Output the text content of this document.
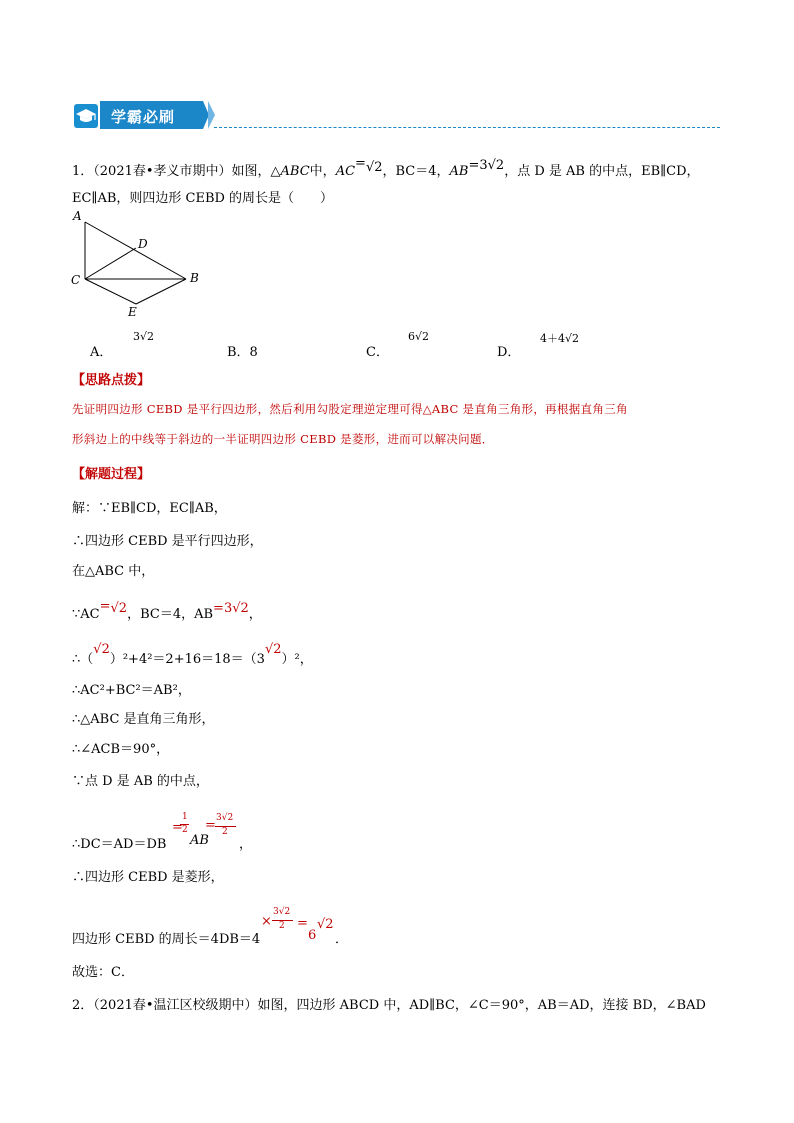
学霸必刷
1．（2021春•孝义市期中）如图，△ABC中，AC=√2，BC＝4，AB=3√2，点 D 是 AB 的中点，EB∥CD，
EC∥AB，则四边形 CEBD 的周长是（　　）
A
D
C	B
E
A．
3√2
B．8	C．
6√2
D．
4＋4√2
【思路点拨】
先证明四边形 CEBD 是平行四边形，然后利用勾股定理逆定理可得△ABC 是直角三角形，再根据直角三角
形斜边上的中线等于斜边的一半证明四边形 CEBD 是菱形，进而可以解决问题．
【解题过程】
解：∵EB∥CD，EC∥AB，
∴四边形 CEBD 是平行四边形，
在△ABC 中，
∵AC=√2，BC＝4，AB=3√2，
∴（√2）²+4²＝2+16＝18＝（3√2）²，
∴AC²+BC²＝AB²，
∴△ABC 是直角三角形，
∴∠ACB＝90°，
∵点 D 是 AB 的中点，
∴DC＝AD＝DB
=
1
2
AB
= 3√2
2
，
∴四边形 CEBD 是菱形，
四边形 CEBD 的周长＝4DB＝4
×
3√2
2 =
6
√2
．
故选：C．
2．（2021春•温江区校级期中）如图，四边形 ABCD 中，AD∥BC，∠C＝90°，AB＝AD，连接 BD，∠BAD
